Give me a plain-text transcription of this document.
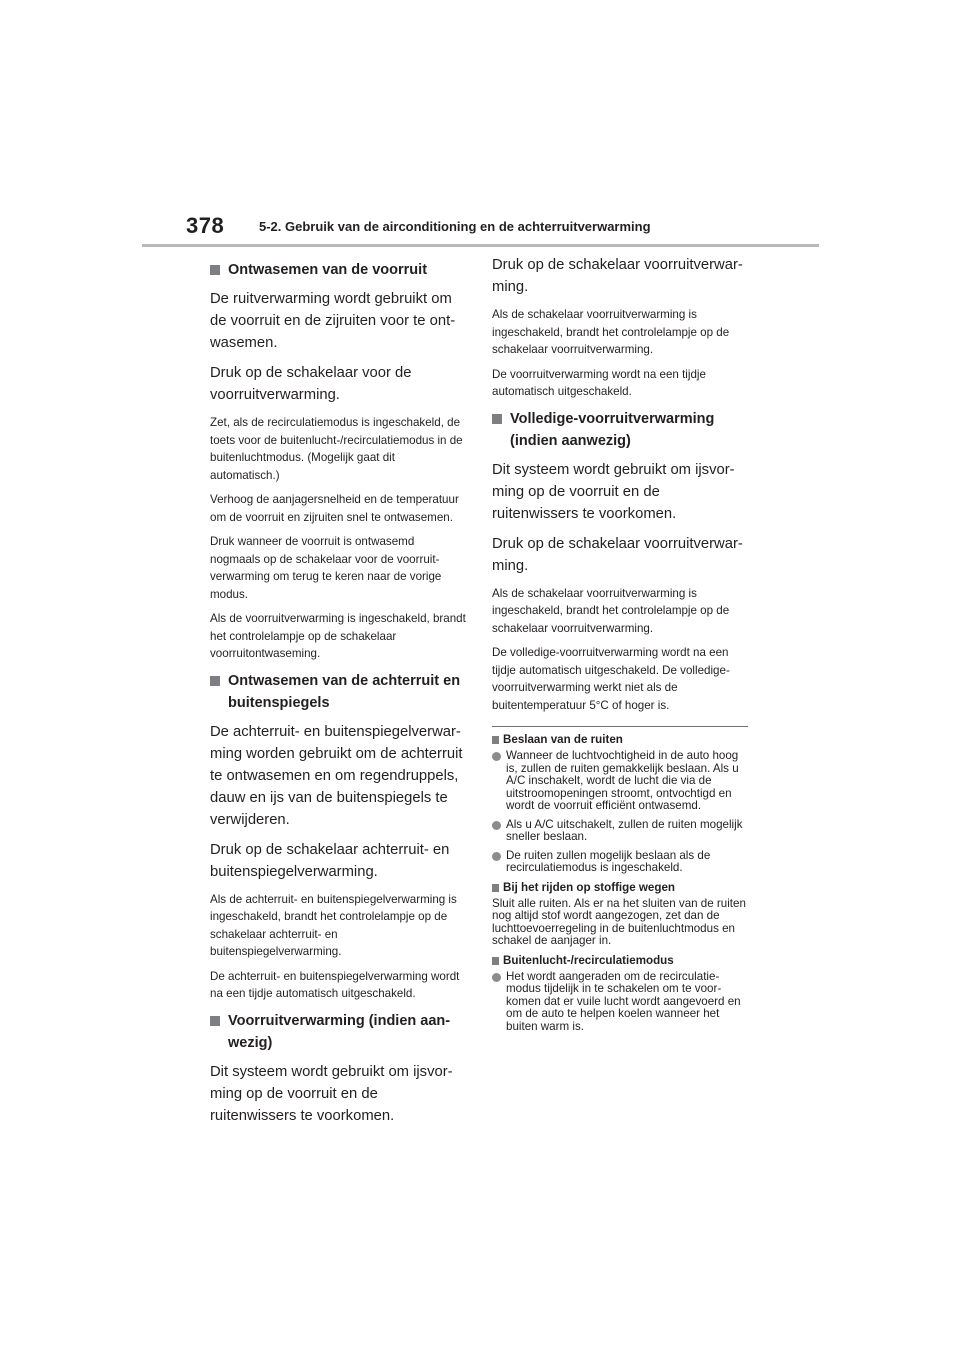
378	5-2. Gebruik van de airconditioning en de achterruitverwarming
Ontwasemen van de voorruit

De ruitverwarming wordt gebruikt om de voorruit en de zijruiten voor te ontwasemen.

Druk op de schakelaar voor de voorruitverwarming.

Zet, als de recirculatiemodus is ingeschakeld, de toets voor de buitenlucht-/recirculatiemodus in de buitenluchtmodus. (Mogelijk gaat dit automatisch.)

Verhoog de aanjagersnelheid en de temperatuur om de voorruit en zijruiten snel te ontwasemen.

Druk wanneer de voorruit is ontwasemd nogmaals op de schakelaar voor de voorruitverwarming om terug te keren naar de vorige modus.

Als de voorruitverwarming is ingeschakeld, brandt het controlelampje op de schakelaar voorruitontwaseming.

Ontwasemen van de achterruit en buitenspiegels

De achterruit- en buitenspiegelverwarming worden gebruikt om de achterruit te ontwasemen en om regendruppels, dauw en ijs van de buitenspiegels te verwijderen.

Druk op de schakelaar achterruit- en buitenspiegelverwarming.

Als de achterruit- en buitenspiegelverwarming is ingeschakeld, brandt het controlelampje op de schakelaar achterruit- en buitenspiegelverwarming.

De achterruit- en buitenspiegelverwarming wordt na een tijdje automatisch uitgeschakeld.

Voorruitverwarming (indien aanwezig)

Dit systeem wordt gebruikt om ijsvorming op de voorruit en de ruitenwissers te voorkomen.

Druk op de schakelaar voorruitverwarming.

Als de schakelaar voorruitverwarming is ingeschakeld, brandt het controlelampje op de schakelaar voorruitverwarming.

De voorruitverwarming wordt na een tijdje automatisch uitgeschakeld.

Volledige-voorruitverwarming (indien aanwezig)

Dit systeem wordt gebruikt om ijsvorming op de voorruit en de ruitenwissers te voorkomen.

Druk op de schakelaar voorruitverwarming.

Als de schakelaar voorruitverwarming is ingeschakeld, brandt het controlelampje op de schakelaar voorruitverwarming.

De volledige-voorruitverwarming wordt na een tijdje automatisch uitgeschakeld. De volledige-voorruitverwarming werkt niet als de buitentemperatuur 5°C of hoger is.

Beslaan van de ruiten
Wanneer de luchtvochtigheid in de auto hoog is, zullen de ruiten gemakkelijk beslaan. Als u A/C inschakelt, wordt de lucht die via de uitstroomopeningen stroomt, ontvochtigd en wordt de voorruit efficiënt ontwasemd.
Als u A/C uitschakelt, zullen de ruiten mogelijk sneller beslaan.
De ruiten zullen mogelijk beslaan als de recirculatiemodus is ingeschakeld.
Bij het rijden op stoffige wegen

Sluit alle ruiten. Als er na het sluiten van de ruiten nog altijd stof wordt aangezogen, zet dan de luchttoevoerregeling in de buitenluchtmodus en schakel de aanjager in.

Buitenlucht-/recirculatiemodus
Het wordt aangeraden om de recirculatiemodus tijdelijk in te schakelen om te voorkomen dat er vuile lucht wordt aangevoerd en om de auto te helpen koelen wanneer het buiten warm is.
